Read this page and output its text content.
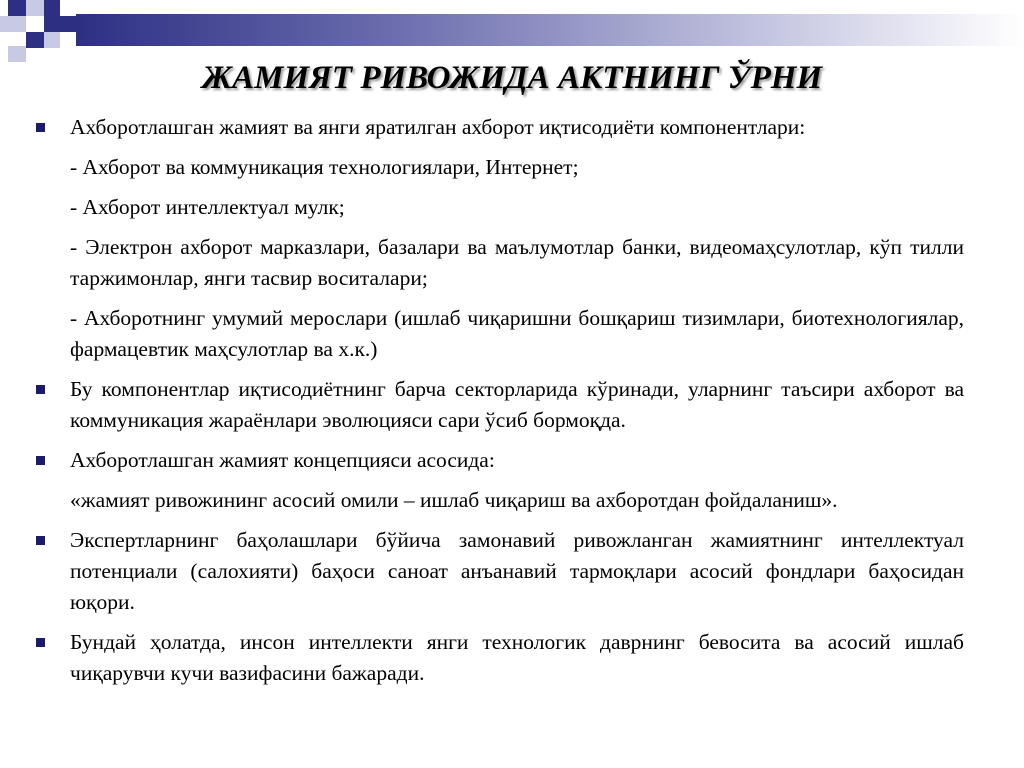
ЖАМИЯТ РИВОЖИДА АКТНИНГ ЎРНИ
Ахборотлашган жамият ва янги яратилган ахборот иқтисодиёти компонентлари:
- Ахборот ва коммуникация технологиялари, Интернет;
- Ахборот интеллектуал мулк;
- Электрон ахборот марказлари, базалари ва маълумотлар банки, видеомаҳсулотлар, кўп тилли таржимонлар, янги тасвир воситалари;
- Ахборотнинг умумий мерослари (ишлаб чиқаришни бошқариш тизимлари, биотехнологиялар, фармацевтик маҳсулотлар ва х.к.)
Бу компонентлар иқтисодиётнинг барча секторларида кўринади, уларнинг таъсири ахборот ва коммуникация жараёнлари эволюцияси сари ўсиб бормоқда.
Ахборотлашган жамият концепцияси асосида:
«жамият ривожининг асосий омили – ишлаб чиқариш ва ахборотдан фойдаланиш».
Экспертларнинг баҳолашлари бўйича замонавий ривожланган жамиятнинг интеллектуал потенциали (салохияти) баҳоси саноат анъанавий тармоқлари асосий фондлари баҳосидан юқори.
Бундай ҳолатда, инсон интеллекти янги технологик даврнинг бевосита ва асосий ишлаб чиқарувчи кучи вазифасини бажаради.
